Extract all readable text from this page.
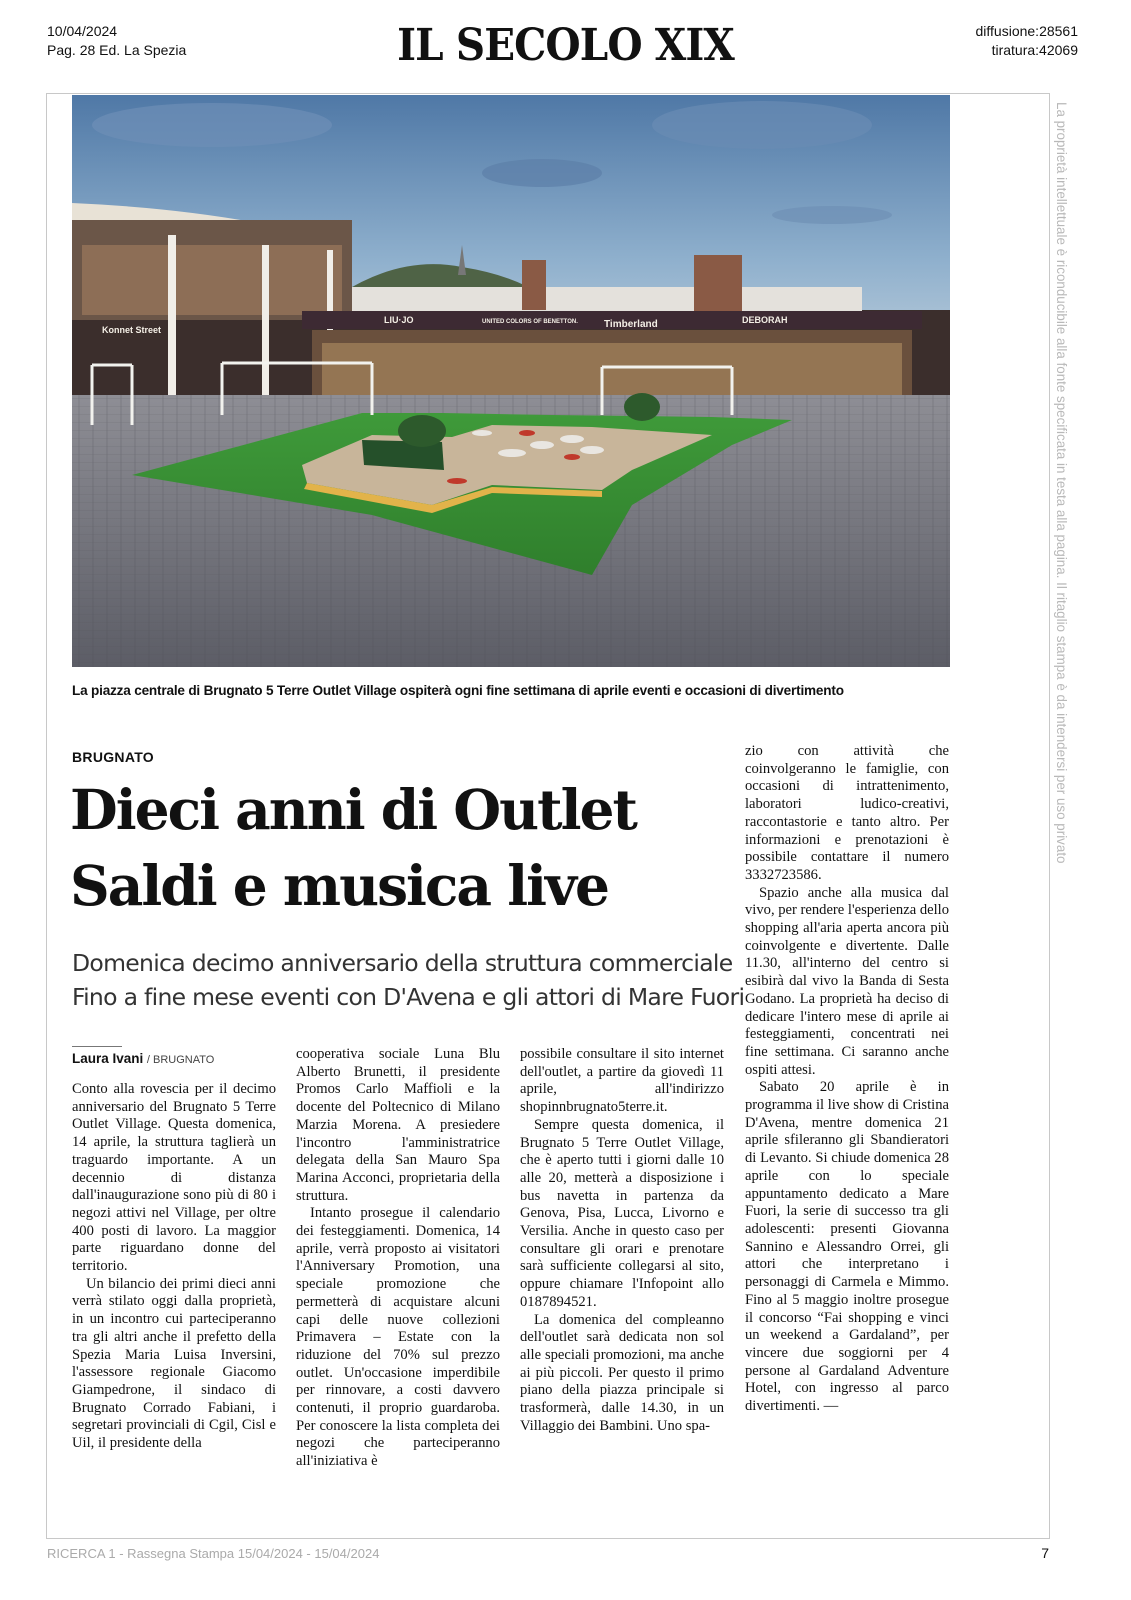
10/04/2024
Pag. 28 Ed. La Spezia	IL SECOLO XIX	diffusione:28561
tiratura:42069
Konnet Street
LIU·JO	UNITED COLORS OF BENETTON.	Timberland	DEBORAH
La piazza centrale di Brugnato 5 Terre Outlet Village ospiterà ogni fine settimana di aprile eventi e occasioni di divertimento
BRUGNATO
Dieci anni di Outlet
Saldi e musica live
Domenica decimo anniversario della struttura commerciale
Fino a fine mese eventi con D'Avena e gli attori di Mare Fuori
Laura Ivani / BRUGNATO

Conto alla rovescia per il decimo anniversario del Brugnato 5 Terre Outlet Village. Questa domenica, 14 aprile, la struttura taglierà un traguardo importante. A un decennio di distanza dall'inaugurazione sono più di 80 i negozi attivi nel Village, per oltre 400 posti di lavoro. La maggior parte riguardano donne del territorio.

Un bilancio dei primi dieci anni verrà stilato oggi dalla proprietà, in un incontro cui parteciperanno tra gli altri anche il prefetto della Spezia Maria Luisa Inversini, l'assessore regionale Giacomo Giampedrone, il sindaco di Brugnato Corrado Fabiani, i segretari provinciali di Cgil, Cisl e Uil, il presidente della

cooperativa sociale Luna Blu Alberto Brunetti, il presidente Promos Carlo Maffioli e la docente del Poltecnico di Milano Marzia Morena. A presiedere l'incontro l'amministratrice delegata della San Mauro Spa Marina Acconci, proprietaria della struttura.

Intanto prosegue il calendario dei festeggiamenti. Domenica, 14 aprile, verrà proposto ai visitatori l'Anniversary Promotion, una speciale promozione che permetterà di acquistare alcuni capi delle nuove collezioni Primavera – Estate con la riduzione del 70% sul prezzo outlet. Un'occasione imperdibile per rinnovare, a costi davvero contenuti, il proprio guardaroba. Per conoscere la lista completa dei negozi che parteciperanno all'iniziativa è

possibile consultare il sito internet dell'outlet, a partire da giovedì 11 aprile, all'indirizzo shopinnbrugnato5terre.it.

Sempre questa domenica, il Brugnato 5 Terre Outlet Village, che è aperto tutti i giorni dalle 10 alle 20, metterà a disposizione i bus navetta in partenza da Genova, Pisa, Lucca, Livorno e Versilia. Anche in questo caso per consultare gli orari e prenotare sarà sufficiente collegarsi al sito, oppure chiamare l'Infopoint allo 0187894521.

La domenica del compleanno dell'outlet sarà dedicata non sol alle speciali promozioni, ma anche ai più piccoli. Per questo il primo piano della piazza principale si trasformerà, dalle 14.30, in un Villaggio dei Bambini. Uno spa-

zio con attività che coinvolgeranno le famiglie, con occasioni di intrattenimento, laboratori ludico-creativi, raccontastorie e tanto altro. Per informazioni e prenotazioni è possibile contattare il numero 3332723586.

Spazio anche alla musica dal vivo, per rendere l'esperienza dello shopping all'aria aperta ancora più coinvolgente e divertente. Dalle 11.30, all'interno del centro si esibirà dal vivo la Banda di Sesta Godano. La proprietà ha deciso di dedicare l'intero mese di aprile ai festeggiamenti, concentrati nei fine settimana. Ci saranno anche ospiti attesi.

Sabato 20 aprile è in programma il live show di Cristina D'Avena, mentre domenica 21 aprile sfileranno gli Sbandieratori di Levanto. Si chiude domenica 28 aprile con lo speciale appuntamento dedicato a Mare Fuori, la serie di successo tra gli adolescenti: presenti Giovanna Sannino e Alessandro Orrei, gli attori che interpretano i personaggi di Carmela e Mimmo. Fino al 5 maggio inoltre prosegue il concorso “Fai shopping e vinci un weekend a Gardaland”, per vincere due soggiorni per 4 persone al Gardaland Adventure Hotel, con ingresso al parco divertimenti. —

La proprietà intellettuale è riconducibile alla fonte specificata in testa alla pagina. Il ritaglio stampa è da intendersi per uso privato
RICERCA 1 - Rassegna Stampa 15/04/2024 - 15/04/2024	7
